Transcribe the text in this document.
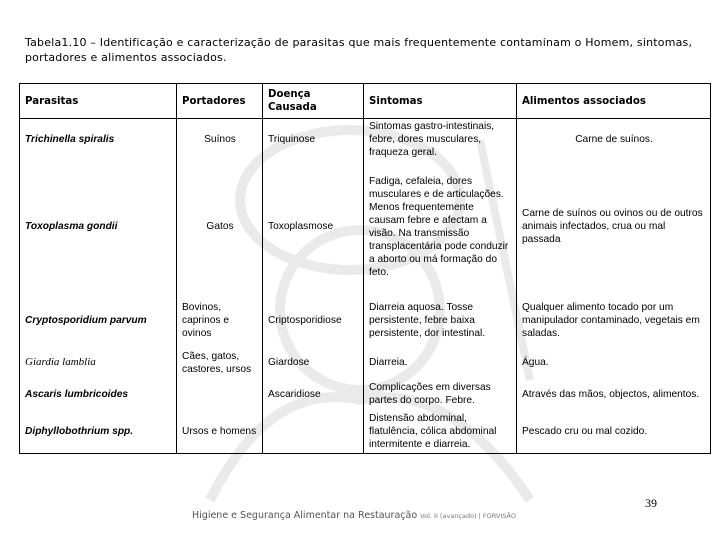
Tabela1.10 – Identificação e caracterização de parasitas que mais frequentemente contaminam o Homem, sintomas, portadores e alimentos associados.
Parasitas	Portadores	Doença Causada	Sintomas	Alimentos associados
Trichinella spiralis	Suínos	Triquinose	Sintomas gastro-intestinais, febre, dores musculares, fraqueza geral.	Carne de suínos.
Toxoplasma gondii	Gatos	Toxoplasmose	Fadiga, cefaleia, dores musculares e de articulações. Menos frequentemente causam febre e afectam a visão. Na transmissão transplacentária pode conduzir a aborto ou má formação do feto.	Carne de suínos ou ovinos ou de outros animais infectados, crua ou mal passada
Cryptosporidium parvum	Bovinos, caprinos e ovinos	Criptosporidiose	Diarreia aquosa. Tosse persistente, febre baixa persistente, dor intestinal.	Qualquer alimento tocado por um manipulador contaminado, vegetais em saladas.
Giardia lamblia	Cães, gatos, castores, ursos	Giardose	Diarreia.	Água.
Ascaris lumbricoides		Ascaridiose	Complicações em diversas partes do corpo. Febre.	Através das mãos, objectos, alimentos.
Diphyllobothrium spp.	Ursos e homens		Distensão abdominal, flatulência, cólica abdominal intermitente e diarreia.	Pescado cru ou mal cozido.
39
Higiene e Segurança Alimentar na Restauração Vol. II (avançado) | FORVISÃO
